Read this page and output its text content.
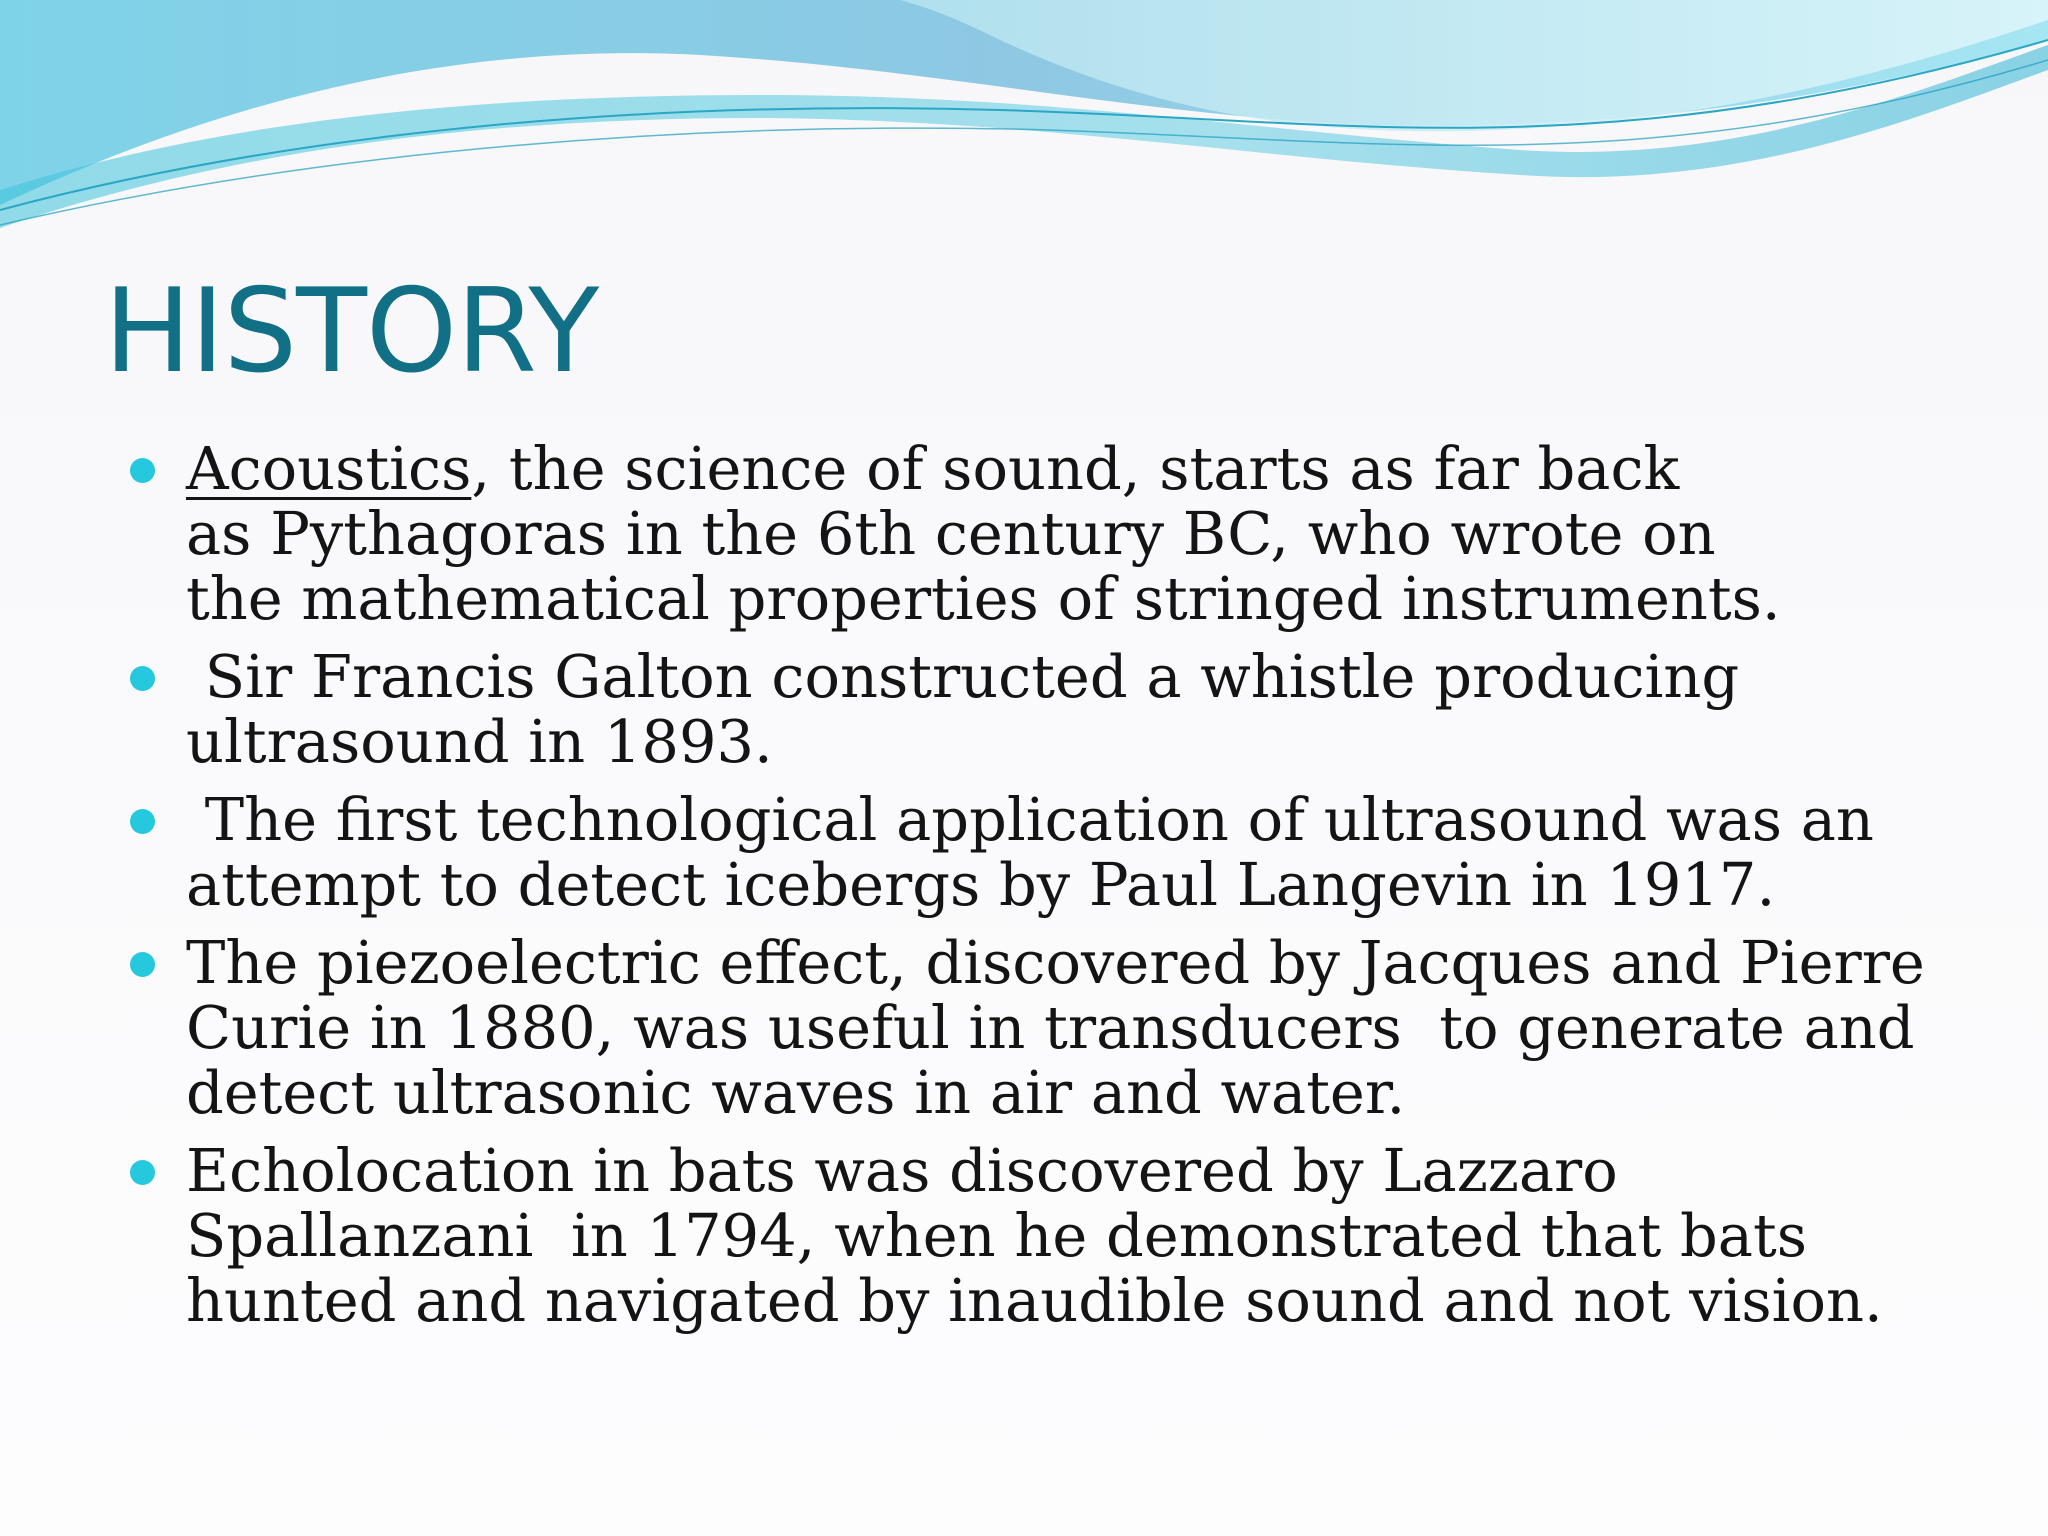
HISTORY
Acoustics, the science of sound, starts as far back
as Pythagoras in the 6th century BC, who wrote on
the mathematical properties of stringed instruments.
Sir Francis Galton constructed a whistle producing
ultrasound in 1893.
The first technological application of ultrasound was an
attempt to detect icebergs by Paul Langevin in 1917.
The piezoelectric effect, discovered by Jacques and Pierre
Curie in 1880, was useful in transducers  to generate and
detect ultrasonic waves in air and water.
Echolocation in bats was discovered by Lazzaro
Spallanzani  in 1794, when he demonstrated that bats
hunted and navigated by inaudible sound and not vision.
